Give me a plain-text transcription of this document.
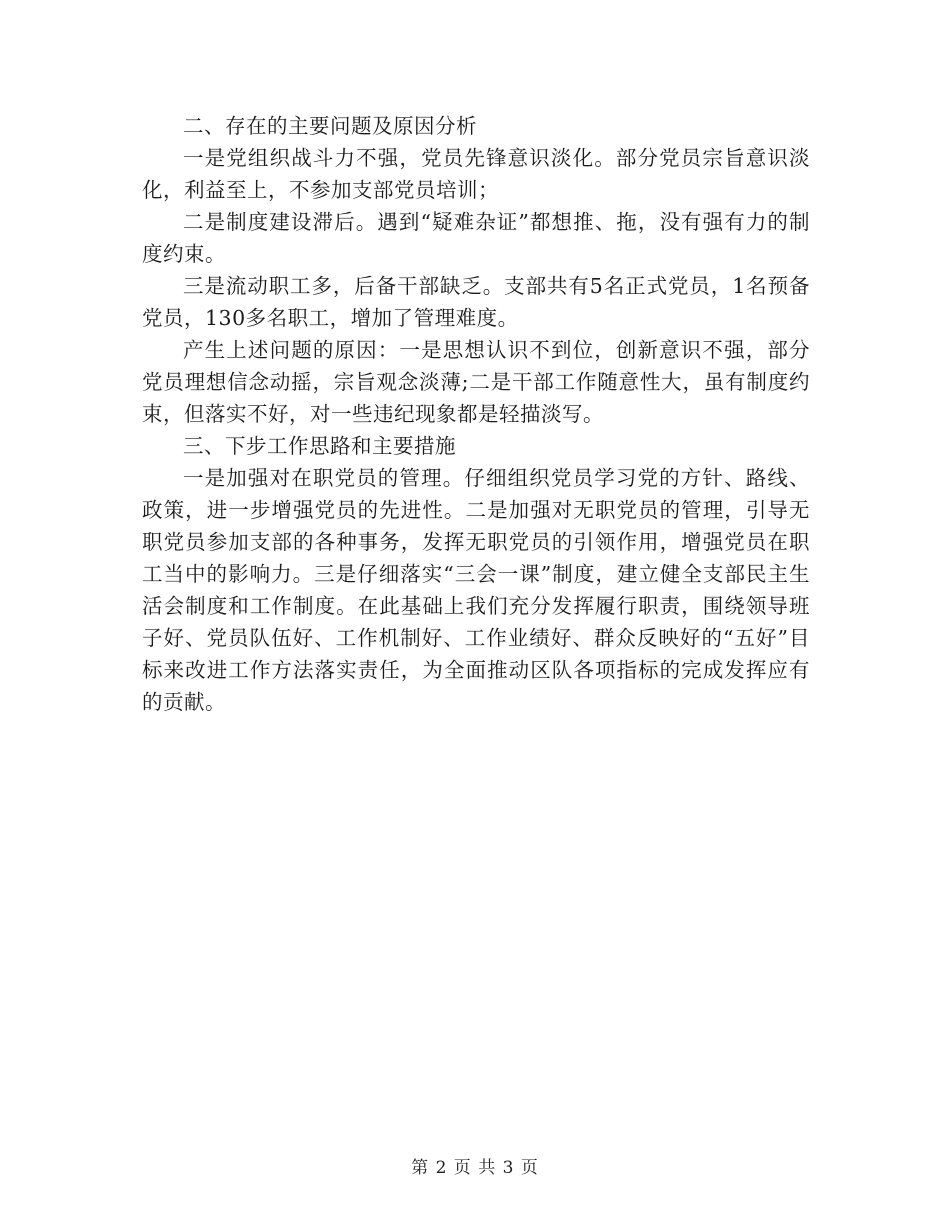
二、存在的主要问题及原因分析

一是党组织战斗力不强，党员先锋意识淡化。部分党员宗旨意识淡化，利益至上，不参加支部党员培训；

二是制度建设滞后。遇到“疑难杂证”都想推、拖，没有强有力的制度约束。

三是流动职工多，后备干部缺乏。支部共有5名正式党员，1名预备党员，130多名职工，增加了管理难度。

产生上述问题的原因：一是思想认识不到位，创新意识不强，部分党员理想信念动摇，宗旨观念淡薄;二是干部工作随意性大，虽有制度约束，但落实不好，对一些违纪现象都是轻描淡写。

三、下步工作思路和主要措施

一是加强对在职党员的管理。仔细组织党员学习党的方针、路线、政策，进一步增强党员的先进性。二是加强对无职党员的管理，引导无职党员参加支部的各种事务，发挥无职党员的引领作用，增强党员在职工当中的影响力。三是仔细落实“三会一课”制度，建立健全支部民主生活会制度和工作制度。在此基础上我们充分发挥履行职责，围绕领导班子好、党员队伍好、工作机制好、工作业绩好、群众反映好的“五好”目标来改进工作方法落实责任，为全面推动区队各项指标的完成发挥应有的贡献。

第 2 页 共 3 页
